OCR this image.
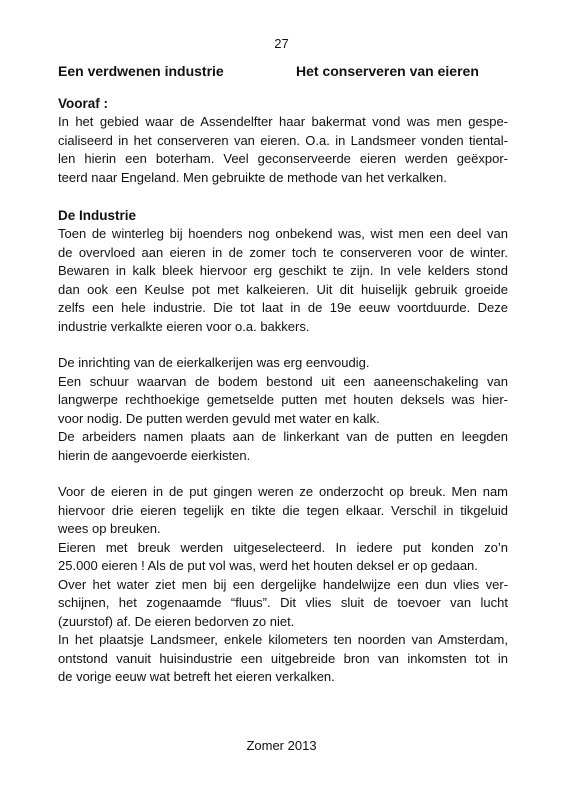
27
Een verdwenen industrie	Het conserveren van eieren

Vooraf :

In het gebied waar de Assendelfter haar bakermat vond was men gespe-
cialiseerd in het conserveren van eieren. O.a. in Landsmeer vonden tiental-
len hierin een boterham. Veel geconserveerde eieren werden geëxpor-
teerd naar Engeland. Men gebruikte de methode van het verkalken.

De Industrie

Toen de winterleg bij hoenders nog onbekend was, wist men een deel van
de overvloed aan eieren in de zomer toch te conserveren voor de winter.
Bewaren in kalk bleek hiervoor erg geschikt te zijn. In vele kelders stond
dan ook een Keulse pot met kalkeieren. Uit dit huiselijk gebruik groeide
zelfs een hele industrie. Die tot laat in de 19e eeuw voortduurde. Deze
industrie verkalkte eieren voor o.a. bakkers.
De inrichting van de eierkalkerijen was erg eenvoudig.
Een schuur waarvan de bodem bestond uit een aaneenschakeling van
langwerpe rechthoekige gemetselde putten met houten deksels was hier-
voor nodig. De putten werden gevuld met water en kalk.
De arbeiders namen plaats aan de linkerkant van de putten en leegden
hierin de aangevoerde eierkisten.
Voor de eieren in de put gingen weren ze onderzocht op breuk. Men nam
hiervoor drie eieren tegelijk en tikte die tegen elkaar. Verschil in tikgeluid
wees op breuken.
Eieren met breuk werden uitgeselecteerd. In iedere put konden zo’n
25.000 eieren ! Als de put vol was, werd het houten deksel er op gedaan.
Over het water ziet men bij een dergelijke handelwijze een dun vlies ver-
schijnen, het zogenaamde “fluus”. Dit vlies sluit de toevoer van lucht
(zuurstof) af. De eieren bedorven zo niet.
In het plaatsje Landsmeer, enkele kilometers ten noorden van Amsterdam,
ontstond vanuit huisindustrie een uitgebreide bron van inkomsten tot in
de vorige eeuw wat betreft het eieren verkalken.
Zomer 2013
